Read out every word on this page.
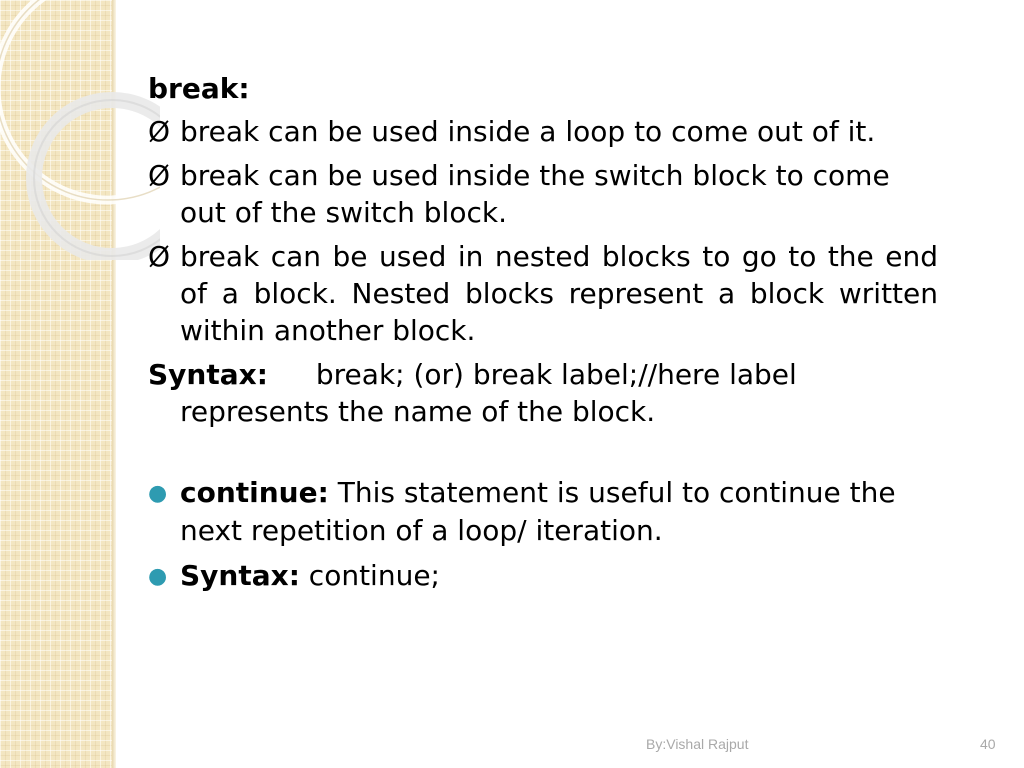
break:
Ø break can be used inside a loop to come out of it.
Ø break can be used inside the switch block to come out of the switch block.
Ø break can be used in nested blocks to go to the end of a block. Nested blocks represent a block written within another block.
Syntax: break; (or) break label;//here label represents the name of the block.
● continue: This statement is useful to continue the next repetition of a loop/ iteration.
● Syntax: continue;
By:Vishal Rajput	40
